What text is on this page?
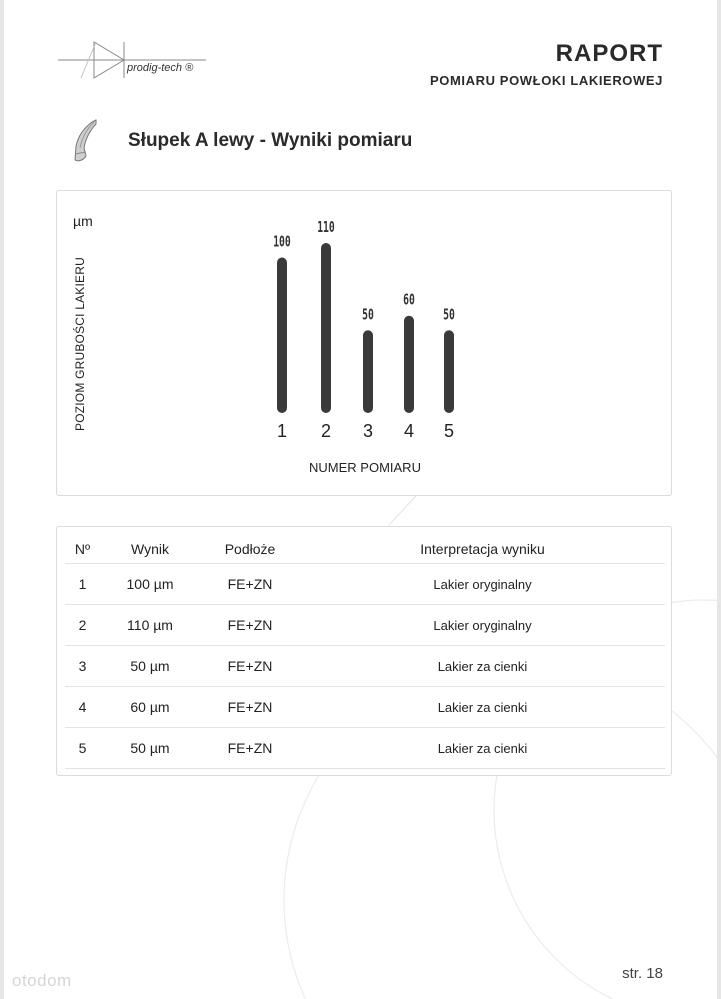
prodig-tech ®
RAPORT
POMIARU POWŁOKI LAKIEROWEJ
Słupek A lewy - Wyniki pomiaru
µm
POZIOM GRUBOŚCI LAKIERU
100
1
110
2
50
3
60
4
50
5
NUMER POMIARU
Nº	Wynik	Podłoże	Interpretacja wyniku
1	100 µm	FE+ZN	Lakier oryginalny
2	110 µm	FE+ZN	Lakier oryginalny
3	50 µm	FE+ZN	Lakier za cienki
4	60 µm	FE+ZN	Lakier za cienki
5	50 µm	FE+ZN	Lakier za cienki
str. 18
otodom
